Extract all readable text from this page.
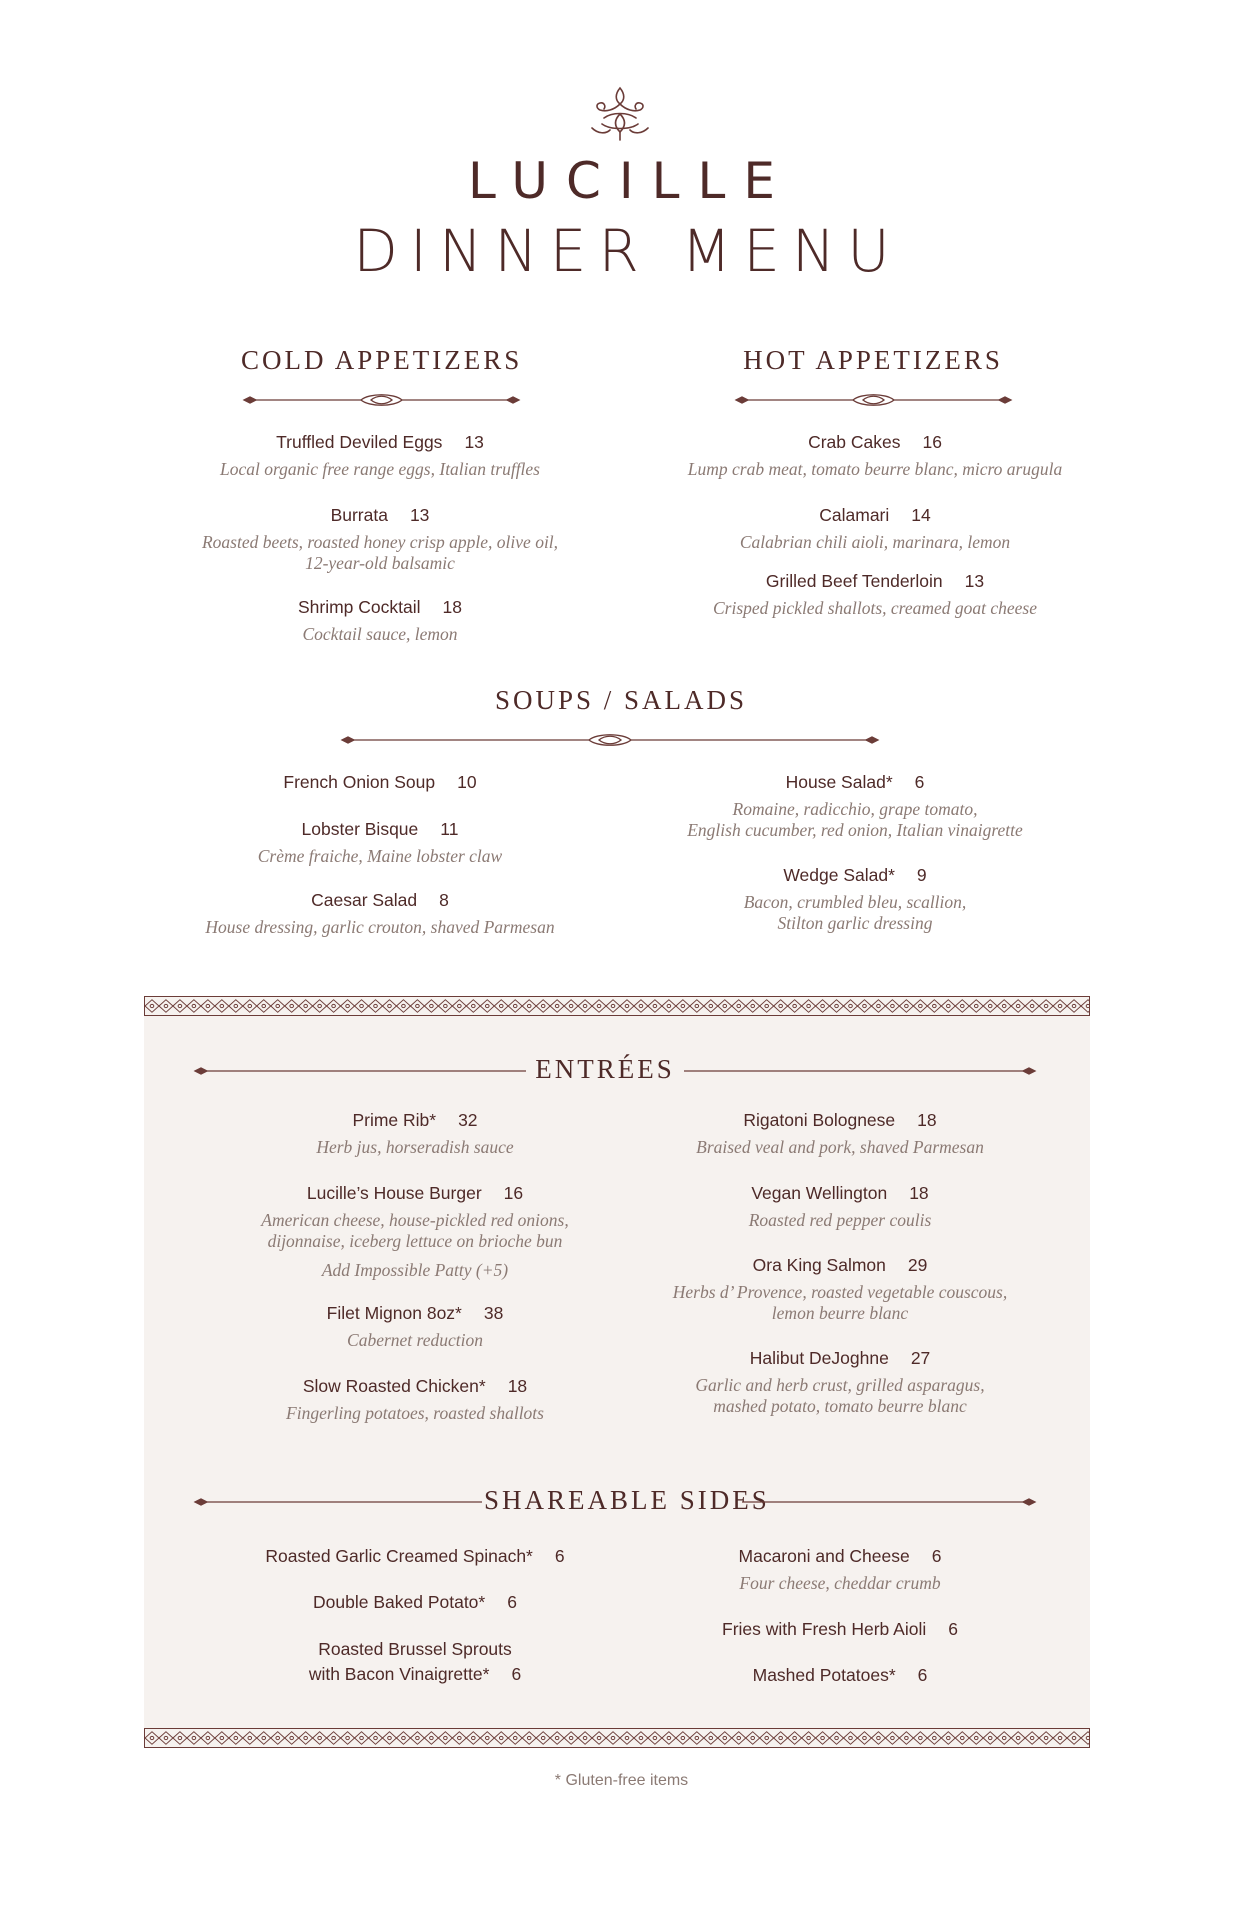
LUCILLE
DINNER MENU
COLD APPETIZERS
Truffled Deviled Eggs 13
Local organic free range eggs, Italian truffles
Burrata 13
Roasted beets, roasted honey crisp apple, olive oil,
12-year-old balsamic
Shrimp Cocktail 18
Cocktail sauce, lemon
HOT APPETIZERS
Crab Cakes 16
Lump crab meat, tomato beurre blanc, micro arugula
Calamari 14
Calabrian chili aioli, marinara, lemon
Grilled Beef Tenderloin 13
Crisped pickled shallots, creamed goat cheese
SOUPS / SALADS
French Onion Soup 10
Lobster Bisque 11
Crème fraiche, Maine lobster claw
Caesar Salad 8
House dressing, garlic crouton, shaved Parmesan
House Salad* 6
Romaine, radicchio, grape tomato,
English cucumber, red onion, Italian vinaigrette
Wedge Salad* 9
Bacon, crumbled bleu, scallion,
Stilton garlic dressing
ENTRÉES
Prime Rib* 32
Herb jus, horseradish sauce
Lucille’s House Burger 16
American cheese, house-pickled red onions,
dijonnaise, iceberg lettuce on brioche bun
Add Impossible Patty (+5)
Filet Mignon 8oz* 38
Cabernet reduction
Slow Roasted Chicken* 18
Fingerling potatoes, roasted shallots
Rigatoni Bolognese 18
Braised veal and pork, shaved Parmesan
Vegan Wellington 18
Roasted red pepper coulis
Ora King Salmon 29
Herbs d’ Provence, roasted vegetable couscous,
lemon beurre blanc
Halibut DeJoghne 27
Garlic and herb crust, grilled asparagus,
mashed potato, tomato beurre blanc
SHAREABLE SIDES
Roasted Garlic Creamed Spinach* 6
Double Baked Potato* 6
Roasted Brussel Sprouts
with Bacon Vinaigrette* 6
Macaroni and Cheese 6
Four cheese, cheddar crumb
Fries with Fresh Herb Aioli 6
Mashed Potatoes* 6
* Gluten-free items
